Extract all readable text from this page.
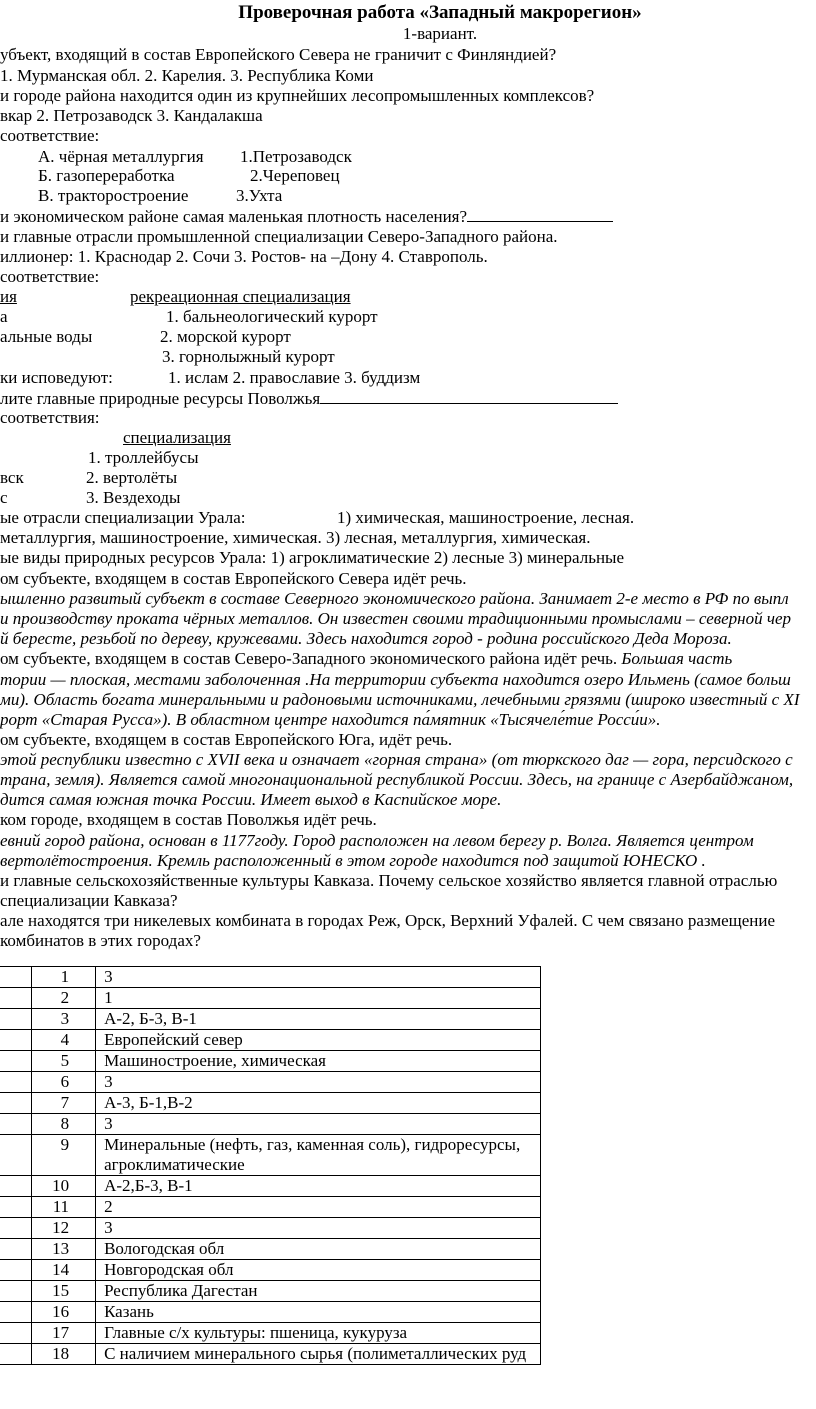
Проверочная работа «Западный макрорегион»
1-вариант.
убъект, входящий в состав Европейского Севера не граничит с Финляндией?
1. Мурманская обл. 2. Карелия. 3. Республика Коми
и городе района находится один из крупнейших лесопромышленных комплексов?
вкар 2. Петрозаводск 3. Кандалакша
соответствие:
А. чёрная металлургия 1.Петрозаводск
Б. газопереработка	2.Череповец
В. тракторостроение	3.Ухта
и экономическом районе самая маленькая плотность населения?
и главные отрасли промышленной специализации Северо-Западного района.
иллионер: 1. Краснодар 2. Сочи 3. Ростов- на –Дону 4. Ставрополь.
соответствие:
ия	рекреационная специализация
а	1. бальнеологический курорт
альные воды	2. морской курорт
3. горнолыжный курорт
ки исповедуют:	1. ислам 2. православие 3. буддизм
лите главные природные ресурсы Поволжья
соответствия:
специализация
1. троллейбусы
вск	2. вертолёты
с	3. Вездеходы
ые отрасли специализации Урала:	1) химическая, машиностроение, лесная.
металлургия, машиностроение, химическая. 3) лесная, металлургия, химическая.
ые виды природных ресурсов Урала: 1) агроклиматические 2) лесные 3) минеральные
ом субъекте, входящем в состав Европейского Севера идёт речь.
ышленно развитый субъект в составе Северного экономического района. Занимает 2-е место в РФ по выпл
и производству проката чёрных металлов. Он известен своими традиционными промыслами – северной чер
й бересте, резьбой по дереву, кружевами. Здесь находится город - родина российского Деда Мороза.
ом субъекте, входящем в состав Северо-Западного экономического района идёт речь. Большая часть
тории — плоская, местами заболоченная .На территории субъекта находится озеро Ильмень (самое больш
ми). Область богата минеральными и радоновыми источниками, лечебными грязями (широко известный с XI
рорт «Старая Русса»). В областном центре находится па́мятник «Тысячеле́тие Росси́и».
ом субъекте, входящем в состав Европейского Юга, идёт речь.
этой республики известно с XVII века и означает «горная страна» (от тюркского даг — гора, персидского с
трана, земля). Является самой многонациональной республикой России. Здесь, на границе с Азербайджаном,
дится самая южная точка России. Имеет выход в Каспийское море.
ком городе, входящем в состав Поволжья идёт речь.
евний город района, основан в 1177году. Город расположен на левом берегу р. Волга. Является центром
вертолётостроения. Кремль расположенный в этом городе находится под защитой ЮНЕСКО .
и главные сельскохозяйственные культуры Кавказа. Почему сельское хозяйство является главной отраслью
специализации Кавказа?
але находятся три никелевых комбината в городах Реж, Орск, Верхний Уфалей. С чем связано размещение
комбинатов в этих городах?
	1	3
	2	1
	3	А-2, Б-3, В-1
	4	Европейский север
	5	Машиностроение, химическая
	6	3
	7	А-3, Б-1,В-2
	8	3
	9	Минеральные (нефть, газ, каменная соль), гидроресурсы, агроклиматические
	10	А-2,Б-3, В-1
	11	2
	12	3
	13	Вологодская обл
	14	Новгородская обл
	15	Республика Дагестан
	16	Казань
	17	Главные с/х культуры: пшеница, кукуруза
	18	С наличием минерального сырья (полиметаллических руд
